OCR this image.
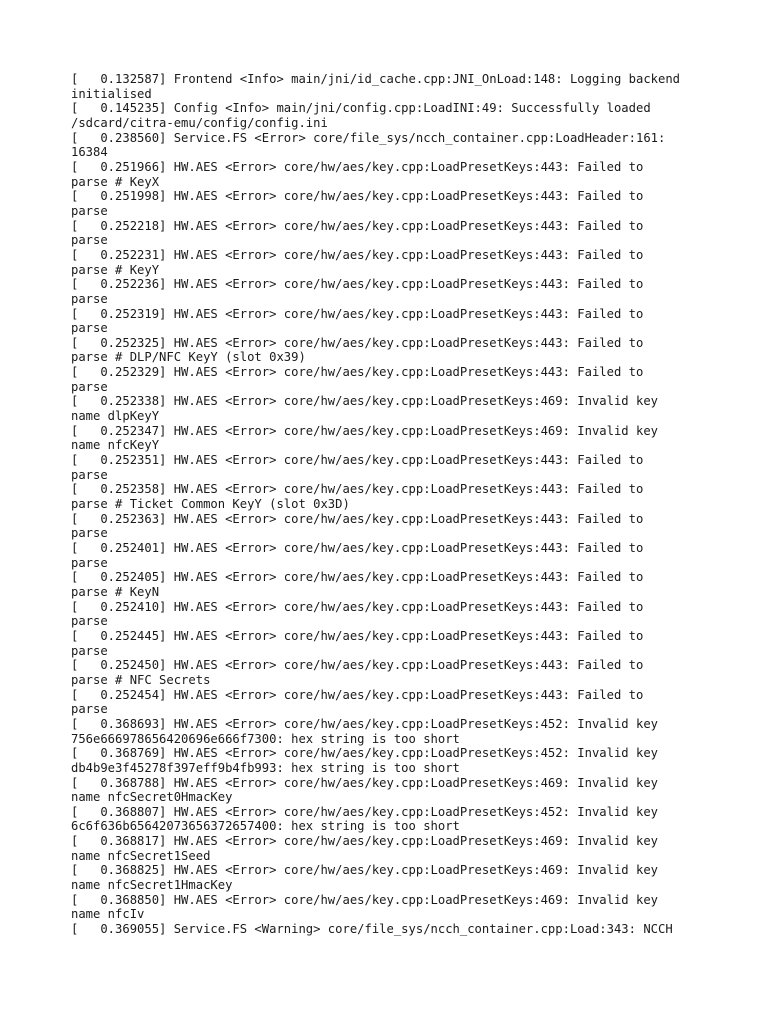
[   0.132587] Frontend <Info> main/jni/id_cache.cpp:JNI_OnLoad:148: Logging backend
initialised
[   0.145235] Config <Info> main/jni/config.cpp:LoadINI:49: Successfully loaded
/sdcard/citra-emu/config/config.ini
[   0.238560] Service.FS <Error> core/file_sys/ncch_container.cpp:LoadHeader:161:
16384
[   0.251966] HW.AES <Error> core/hw/aes/key.cpp:LoadPresetKeys:443: Failed to
parse # KeyX
[   0.251998] HW.AES <Error> core/hw/aes/key.cpp:LoadPresetKeys:443: Failed to
parse
[   0.252218] HW.AES <Error> core/hw/aes/key.cpp:LoadPresetKeys:443: Failed to
parse
[   0.252231] HW.AES <Error> core/hw/aes/key.cpp:LoadPresetKeys:443: Failed to
parse # KeyY
[   0.252236] HW.AES <Error> core/hw/aes/key.cpp:LoadPresetKeys:443: Failed to
parse
[   0.252319] HW.AES <Error> core/hw/aes/key.cpp:LoadPresetKeys:443: Failed to
parse
[   0.252325] HW.AES <Error> core/hw/aes/key.cpp:LoadPresetKeys:443: Failed to
parse # DLP/NFC KeyY (slot 0x39)
[   0.252329] HW.AES <Error> core/hw/aes/key.cpp:LoadPresetKeys:443: Failed to
parse
[   0.252338] HW.AES <Error> core/hw/aes/key.cpp:LoadPresetKeys:469: Invalid key
name dlpKeyY
[   0.252347] HW.AES <Error> core/hw/aes/key.cpp:LoadPresetKeys:469: Invalid key
name nfcKeyY
[   0.252351] HW.AES <Error> core/hw/aes/key.cpp:LoadPresetKeys:443: Failed to
parse
[   0.252358] HW.AES <Error> core/hw/aes/key.cpp:LoadPresetKeys:443: Failed to
parse # Ticket Common KeyY (slot 0x3D)
[   0.252363] HW.AES <Error> core/hw/aes/key.cpp:LoadPresetKeys:443: Failed to
parse
[   0.252401] HW.AES <Error> core/hw/aes/key.cpp:LoadPresetKeys:443: Failed to
parse
[   0.252405] HW.AES <Error> core/hw/aes/key.cpp:LoadPresetKeys:443: Failed to
parse # KeyN
[   0.252410] HW.AES <Error> core/hw/aes/key.cpp:LoadPresetKeys:443: Failed to
parse
[   0.252445] HW.AES <Error> core/hw/aes/key.cpp:LoadPresetKeys:443: Failed to
parse
[   0.252450] HW.AES <Error> core/hw/aes/key.cpp:LoadPresetKeys:443: Failed to
parse # NFC Secrets
[   0.252454] HW.AES <Error> core/hw/aes/key.cpp:LoadPresetKeys:443: Failed to
parse
[   0.368693] HW.AES <Error> core/hw/aes/key.cpp:LoadPresetKeys:452: Invalid key
756e666978656420696e666f7300: hex string is too short
[   0.368769] HW.AES <Error> core/hw/aes/key.cpp:LoadPresetKeys:452: Invalid key
db4b9e3f45278f397eff9b4fb993: hex string is too short
[   0.368788] HW.AES <Error> core/hw/aes/key.cpp:LoadPresetKeys:469: Invalid key
name nfcSecret0HmacKey
[   0.368807] HW.AES <Error> core/hw/aes/key.cpp:LoadPresetKeys:452: Invalid key
6c6f636b65642073656372657400: hex string is too short
[   0.368817] HW.AES <Error> core/hw/aes/key.cpp:LoadPresetKeys:469: Invalid key
name nfcSecret1Seed
[   0.368825] HW.AES <Error> core/hw/aes/key.cpp:LoadPresetKeys:469: Invalid key
name nfcSecret1HmacKey
[   0.368850] HW.AES <Error> core/hw/aes/key.cpp:LoadPresetKeys:469: Invalid key
name nfcIv
[   0.369055] Service.FS <Warning> core/file_sys/ncch_container.cpp:Load:343: NCCH
